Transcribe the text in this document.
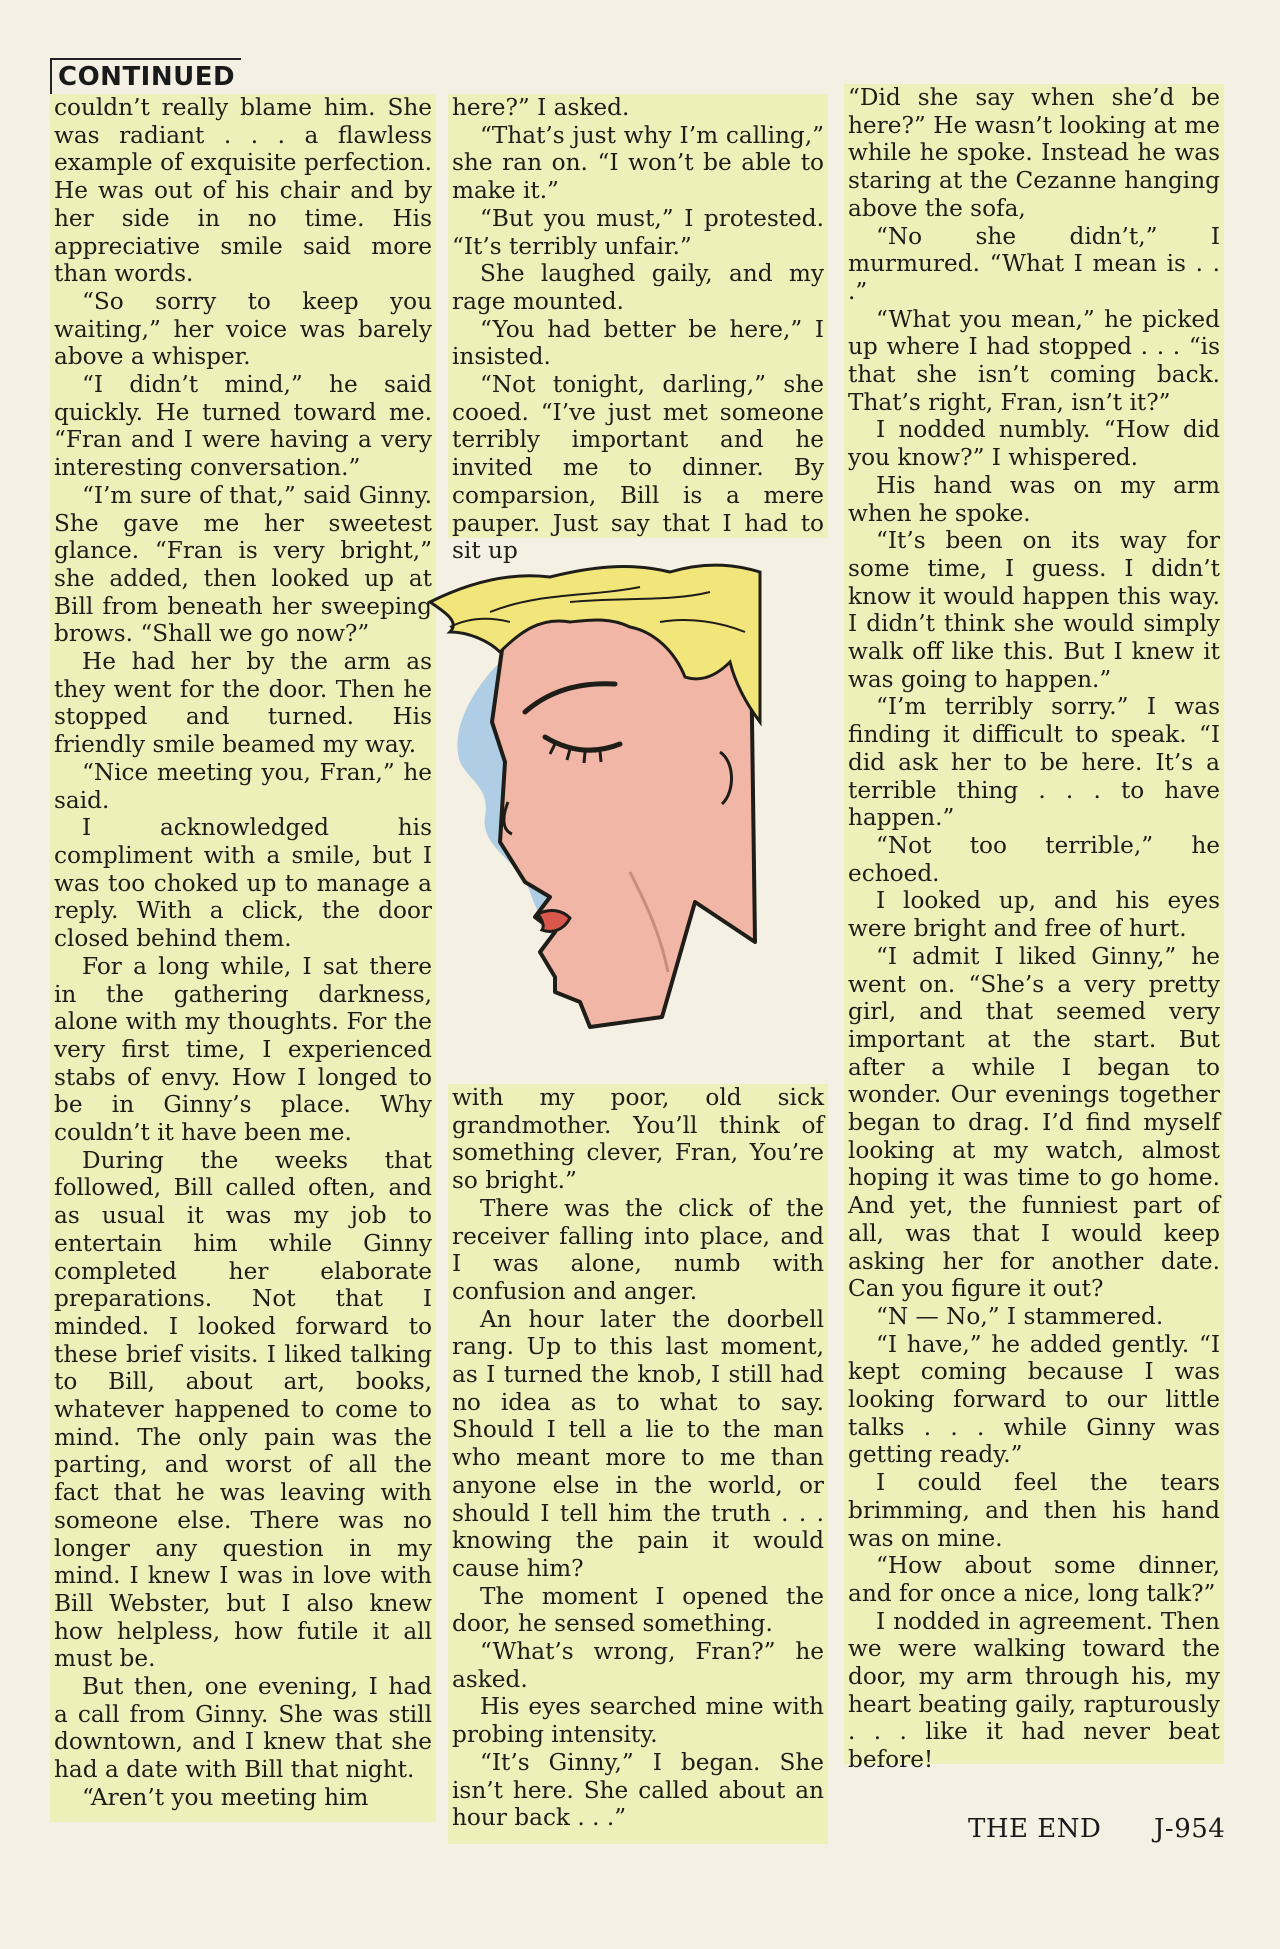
CONTINUED

couldn’t really blame him. She was radiant . . . a flawless example of exquisite perfection. He was out of his chair and by her side in no time. His appreciative smile said more than words.

“So sorry to keep you waiting,” her voice was barely above a whisper.

“I didn’t mind,” he said quickly. He turned toward me. “Fran and I were having a very interesting conversation.”

“I’m sure of that,” said Ginny. She gave me her sweetest glance. “Fran is very bright,” she added, then looked up at Bill from beneath her sweeping brows. “Shall we go now?”

He had her by the arm as they went for the door. Then he stopped and turned. His friendly smile beamed my way.

“Nice meeting you, Fran,” he said.

I acknowledged his compliment with a smile, but I was too choked up to manage a reply. With a click, the door closed behind them.

For a long while, I sat there in the gathering darkness, alone with my thoughts. For the very first time, I experienced stabs of envy. How I longed to be in Ginny’s place. Why couldn’t it have been me.

During the weeks that followed, Bill called often, and as usual it was my job to entertain him while Ginny completed her elaborate preparations. Not that I minded. I looked forward to these brief visits. I liked talking to Bill, about art, books, whatever happened to come to mind. The only pain was the parting, and worst of all the fact that he was leaving with someone else. There was no longer any question in my mind. I knew I was in love with Bill Webster, but I also knew how helpless, how futile it all must be.

But then, one evening, I had a call from Ginny. She was still downtown, and I knew that she had a date with Bill that night.

“Aren’t you meeting him

here?” I asked.

“That’s just why I’m calling,” she ran on. “I won’t be able to make it.”

“But you must,” I protested. “It’s terribly unfair.”

She laughed gaily, and my rage mounted.

“You had better be here,” I insisted.

“Not tonight, darling,” she cooed. “I’ve just met someone terribly important and he invited me to dinner. By comparsion, Bill is a mere pauper. Just say that I had to sit up

with my poor, old sick grandmother. You’ll think of something clever, Fran, You’re so bright.”

There was the click of the receiver falling into place, and I was alone, numb with confusion and anger.

An hour later the doorbell rang. Up to this last moment, as I turned the knob, I still had no idea as to what to say. Should I tell a lie to the man who meant more to me than anyone else in the world, or should I tell him the truth . . . knowing the pain it would cause him?

The moment I opened the door, he sensed something.

“What’s wrong, Fran?” he asked.

His eyes searched mine with probing intensity.

“It’s Ginny,” I began. She isn’t here. She called about an hour back . . .”

“Did she say when she’d be here?” He wasn’t looking at me while he spoke. Instead he was staring at the Cezanne hanging above the sofa,

“No she didn’t,” I murmured. “What I mean is . . .”

“What you mean,” he picked up where I had stopped . . . “is that she isn’t coming back. That’s right, Fran, isn’t it?”

I nodded numbly. “How did you know?” I whispered.

His hand was on my arm when he spoke.

“It’s been on its way for some time, I guess. I didn’t know it would happen this way. I didn’t think she would simply walk off like this. But I knew it was going to happen.”

“I’m terribly sorry.” I was finding it difficult to speak. “I did ask her to be here. It’s a terrible thing . . . to have happen.”

“Not too terrible,” he echoed.

I looked up, and his eyes were bright and free of hurt.

“I admit I liked Ginny,” he went on. “She’s a very pretty girl, and that seemed very important at the start. But after a while I began to wonder. Our evenings together began to drag. I’d find myself looking at my watch, almost hoping it was time to go home. And yet, the funniest part of all, was that I would keep asking her for another date. Can you figure it out?

“N — No,” I stammered.

“I have,” he added gently. “I kept coming because I was looking forward to our little talks . . . while Ginny was getting ready.”

I could feel the tears brimming, and then his hand was on mine.

“How about some dinner, and for once a nice, long talk?”

I nodded in agreement. Then we were walking toward the door, my arm through his, my heart beating gaily, rapturously . . . like it had never beat before!

THE END J-954
